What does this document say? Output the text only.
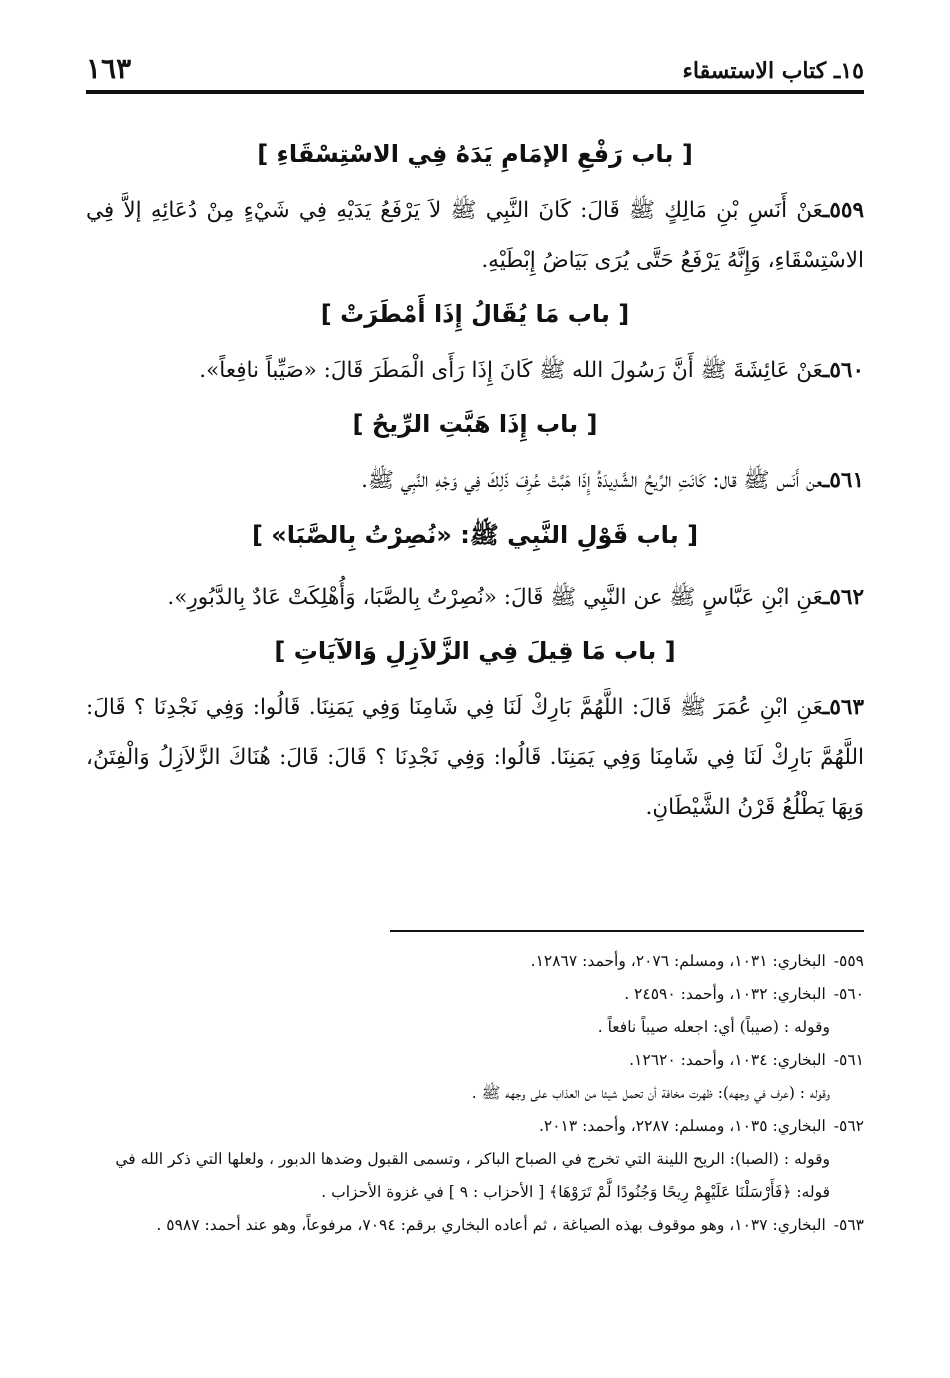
١٥ـ كتاب الاستسقاء
١٦٣
[ باب رَفْعِ الإمَامِ يَدَهُ فِي الاسْتِسْقَاءِ ]

٥٥٩ـعَنْ أَنَسِ بْنِ مَالِكٍ ﷺ قَالَ: كَانَ النَّبِي ﷺ لاَ يَرْفَعُ يَدَيْهِ فِي شَيْءٍ مِنْ دُعَائِهِ إلاَّ فِي الاسْتِسْقَاءِ، وَإِنَّهُ يَرْفَعُ حَتَّى يُرَى بَيَاضُ إِبْطَيْهِ.

[ باب مَا يُقَالُ إِذَا أَمْطَرَتْ ]

٥٦٠ـعَنْ عَائِشَةَ ﷺ أَنَّ رَسُولَ الله ﷺ كَانَ إِذَا رَأَى الْمَطَرَ قَالَ: «صَيِّباً نافِعاً».

[ باب إِذَا هَبَّتِ الرِّيحُ ]

٥٦١ـعن أَنَس ﷺ قال: كَانَتِ الرِّيحُ الشَّدِيدَةُ إِذَا هَبَّتْ عُرِفَ ذَلِكَ فِي وَجْهِ النَّبِي ﷺ.

[ باب قَوْلِ النَّبِي ﷺ: «نُصِرْتُ بِالصَّبَا» ]

٥٦٢ـعَنِ ابْنِ عَبَّاسٍ ﷺ عن النَّبِي ﷺ قَالَ: «نُصِرْتُ بِالصَّبَا، وَأُهْلِكَتْ عَادٌ بِالدَّبُورِ».

[ باب مَا قِيلَ فِي الزَّلاَزِلِ وَالآيَاتِ ]

٥٦٣ـعَنِ ابْنِ عُمَرَ ﷺ قَالَ: اللَّهُمَّ بَارِكْ لَنَا فِي شَامِنَا وَفِي يَمَنِنَا. قَالُوا: وَفِي نَجْدِنَا ؟ قَالَ: اللَّهُمَّ بَارِكْ لَنَا فِي شَامِنَا وَفِي يَمَنِنَا. قَالُوا: وَفِي نَجْدِنَا ؟ قَالَ: قَالَ: هُنَاكَ الزَّلاَزِلُ وَالْفِتَنُ، وَبِهَا يَطْلُعُ قَرْنُ الشَّيْطَانِ.

٥٥٩-البخاري: ١٠٣١، ومسلم: ٢٠٧٦، وأحمد: ١٢٨٦٧.

٥٦٠-البخاري: ١٠٣٢، وأحمد: ٢٤٥٩٠ .

وقوله : (صيباً) أي: اجعله صيباً نافعاً .

٥٦١-البخاري: ١٠٣٤، وأحمد: ١٢٦٢٠.

وقوله : (عرف في وجهه): ظهرت مخافة أن تحمل شيئا من العذاب على وجهه ﷺ .

٥٦٢-البخاري: ١٠٣٥، ومسلم: ٢٢٨٧، وأحمد: ٢٠١٣.

وقوله : (الصبا): الريح اللينة التي تخرج في الصباح الباكر ، وتسمى القبول وضدها الدبور ، ولعلها التي ذكر الله في قوله: ﴿فَأَرْسَلْنَا عَلَيْهِمْ رِيحًا وَجُنُودًا لَّمْ تَرَوْهَا﴾ [ الأحزاب : ٩ ] في غزوة الأحزاب .

٥٦٣-البخاري: ١٠٣٧، وهو موقوف بهذه الصياغة ، ثم أعاده البخاري برقم: ٧٠٩٤، مرفوعاً، وهو عند أحمد: ٥٩٨٧ .
